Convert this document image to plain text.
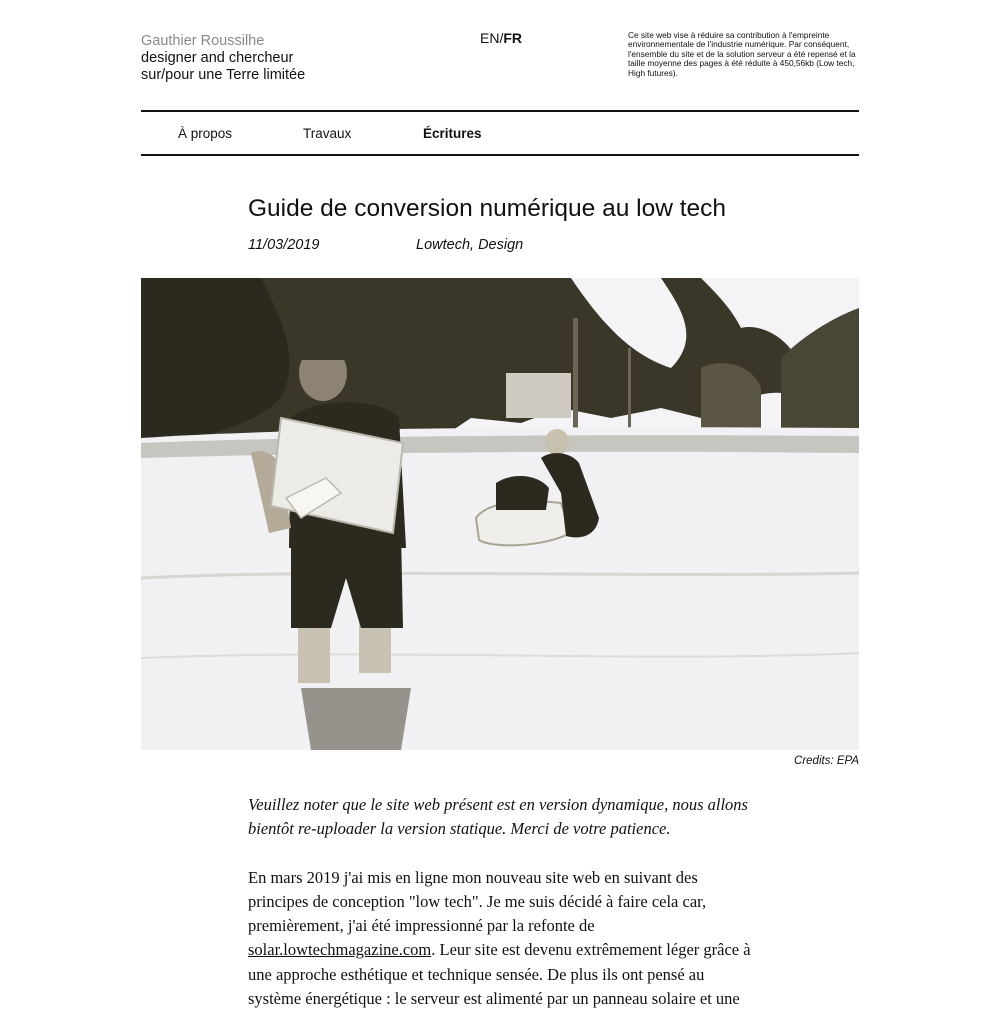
Gauthier Roussilhe
designer and chercheur
sur/pour une Terre limitée
EN/FR	Ce site web vise à réduire sa contribution à l'empreinte environnementale de l'industrie numérique. Par conséquent, l'ensemble du site et de la solution serveur a été repensé et la taille moyenne des pages à été réduite à 450,56kb (Low tech, High futures).
À propos	Travaux	Écritures
Guide de conversion numérique au low tech
11/03/2019	Lowtech, Design
Credits: EPA

Veuillez noter que le site web présent est en version dynamique, nous allons bientôt re-uploader la version statique. Merci de votre patience.

En mars 2019 j'ai mis en ligne mon nouveau site web en suivant des principes de conception "low tech". Je me suis décidé à faire cela car, premièrement, j'ai été impressionné par la refonte de solar.lowtechmagazine.com. Leur site est devenu extrêmement léger grâce à une approche esthétique et technique sensée. De plus ils ont pensé au système énergétique : le serveur est alimenté par un panneau solaire et une
